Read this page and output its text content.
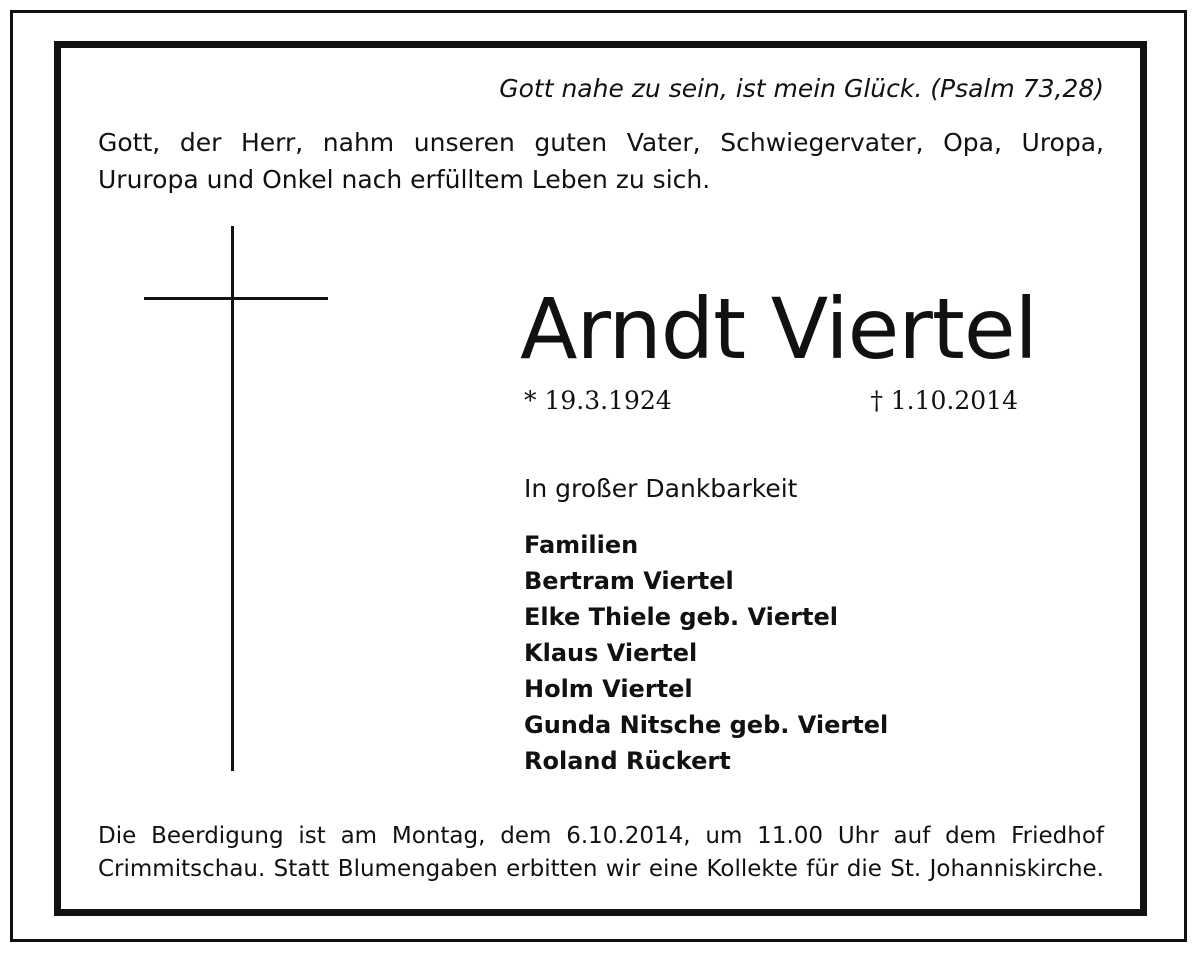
Gott nahe zu sein, ist mein Glück. (Psalm 73,28)
Gott, der Herr, nahm unseren guten Vater, Schwiegervater, Opa, Uropa, Ururopa und Onkel nach erfülltem Leben zu sich.
Arndt Viertel
* 19.3.1924	† 1.10.2014
In großer Dankbarkeit
Familien
Bertram Viertel
Elke Thiele geb. Viertel
Klaus Viertel
Holm Viertel
Gunda Nitsche geb. Viertel
Roland Rückert
Die Beerdigung ist am Montag, dem 6.10.2014, um 11.00 Uhr auf dem Friedhof Crimmitschau. Statt Blumengaben erbitten wir eine Kollekte für die St. Johanniskirche.
